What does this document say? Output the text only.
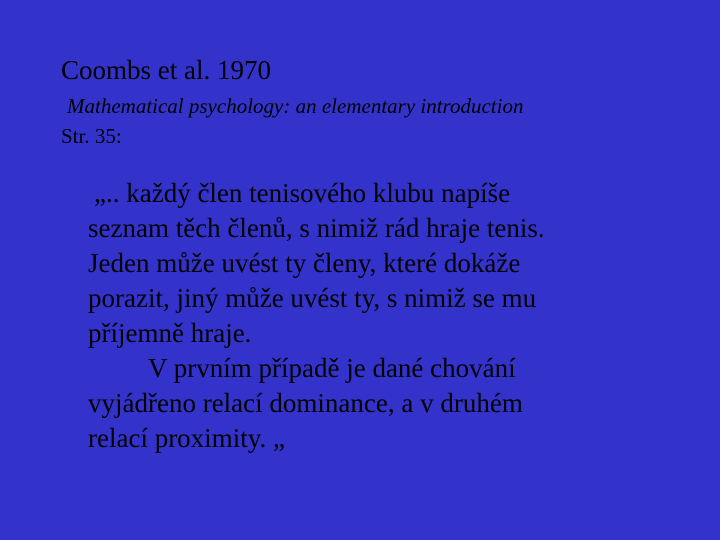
Coombs et al. 1970
Mathematical psychology: an elementary introduction
Str. 35:
„.. každý člen tenisového klubu napíše
seznam těch členů, s nimiž rád hraje tenis.
Jeden může uvést ty členy, které dokáže
porazit, jiný může uvést ty, s nimiž se mu
příjemně hraje.
V prvním případě je dané chování
vyjádřeno relací dominance, a v druhém
relací proximity. „
